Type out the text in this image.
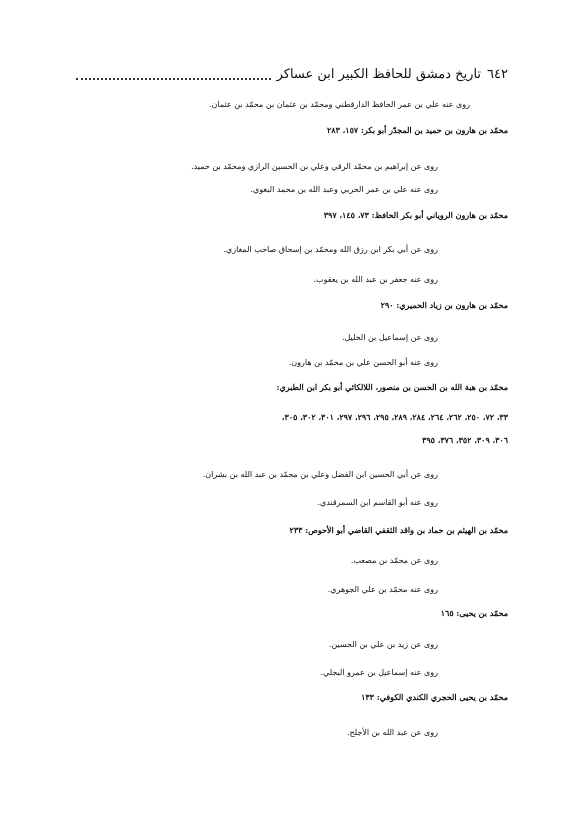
٦٤٢
تاريخ دمشق للحافظ الكبير ابن عساكر
روى عنه علي بن عمر الحافظ الدارقطني ومحمّد بن عثمان بن محمّد بن عثمان.
محمّد بن هارون بن حميد بن المجدّر أبو بكر: ١٥٧، ٢٨٣
روى عن إبراهيم بن محمّد الرقي وعلي بن الحسين الرازي ومحمّد بن حميد.
روى عنه علي بن عمر الحربي وعبد الله بن محمد البغوي.
محمّد بن هارون الروياني أبو بكر الحافظ: ٧٣، ١٤٥، ٣٩٧
روى عن أبي بكر ابن رزق الله ومحمّد بن إسحاق صاحب المغازي.
روى عنه جعفر بن عبد الله بن يعقوب.
محمّد بن هارون بن زياد الحميري: ٢٩٠
روى عن إسماعيل بن الخليل.
روى عنه أبو الحسن علي بن محمّد بن هارون.
محمّد بن هبة الله بن الحسن بن منصور، اللالكائي أبو بكر ابن الطبري:
٣٣، ٧٢، ٢٥٠، ٢٦٢، ٢٦٤، ٢٨٤، ٢٨٩، ٢٩٥، ٢٩٦، ٢٩٧، ٣٠١، ٣٠٢، ٣٠٥،
٣٠٦، ٣٠٩، ٣٥٢، ٣٧٦، ٣٩٥
روى عن أبي الحسين ابن الفضل وعلي بن محمّد بن عبد الله بن بشران.
روى عنه أبو القاسم ابن السمرقندي.
محمّد بن الهيثم بن حماد بن واقد الثقفي القاضي أبو الأحوص: ٢٣٣
روى عن محمّد بن مصعب.
روى عنه محمّد بن علي الجوهري.
محمّد بن يحيى: ١٦٥
روى عن زيد بن علي بن الحسين.
روى عنه إسماعيل بن عمرو البجلي.
محمّد بن يحيى الحجري الكندي الكوفي: ١٣٣
روى عن عبد الله بن الأجلح.
